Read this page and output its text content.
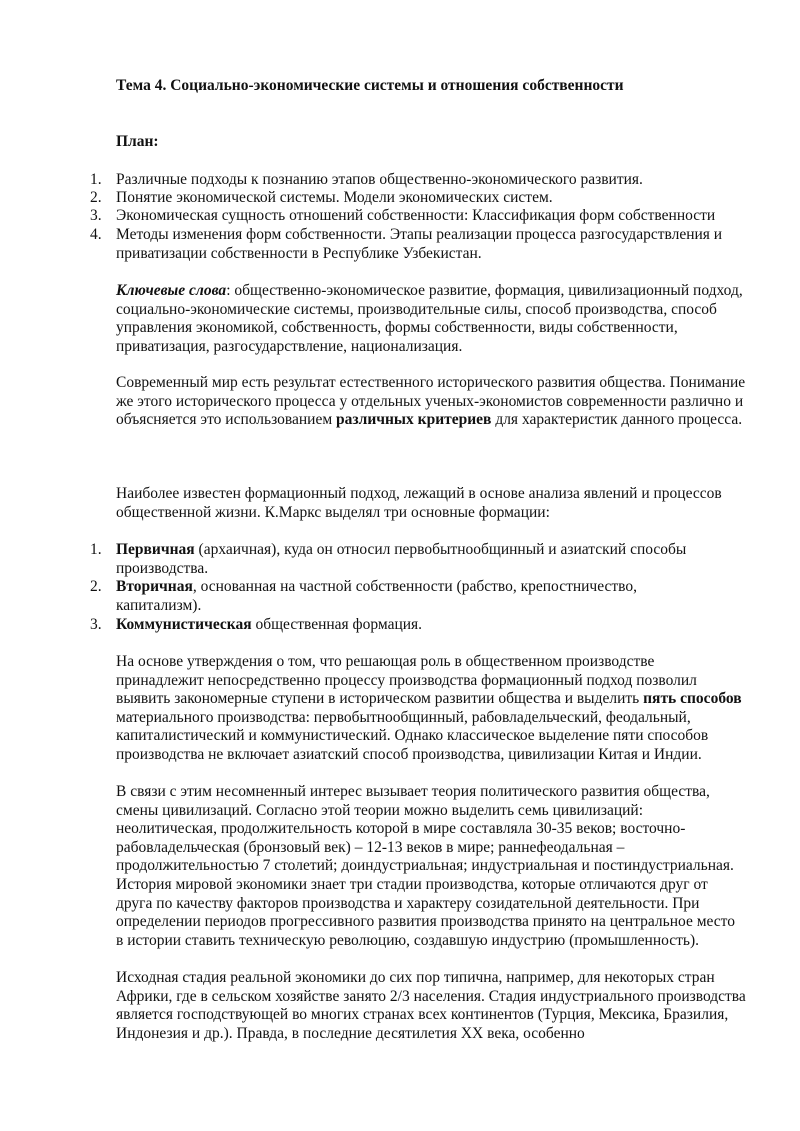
Тема 4. Социально-экономические системы и отношения собственности
План:
1. Различные подходы к познанию этапов общественно-экономического развития.
2. Понятие экономической системы. Модели экономических систем.
3. Экономическая сущность отношений собственности: Классификация форм собственности
4. Методы изменения форм собственности. Этапы реализации процесса разгосударствления и приватизации собственности в Республике Узбекистан.
Ключевые слова: общественно-экономическое развитие, формация, цивилизационный подход, социально-экономические системы, производительные силы, способ производства, способ управления экономикой, собственность, формы собственности, виды собственности, приватизация, разгосударствление, национализация.
Современный мир есть результат естественного исторического развития общества. Понимание же этого исторического процесса у отдельных ученых-экономистов современности различно и объясняется это использованием различных критериев для характеристик данного процесса.
Наиболее известен формационный подход, лежащий в основе анализа явлений и процессов общественной жизни. К.Маркс выделял три основные формации:
1. Первичная (архаичная), куда он относил первобытнообщинный и азиатский способы производства.
2. Вторичная, основанная на частной собственности (рабство, крепостничество, капитализм).
3. Коммунистическая общественная формация.
На основе утверждения о том, что решающая роль в общественном производстве принадлежит непосредственно процессу производства формационный подход позволил выявить закономерные ступени в историческом развитии общества и выделить пять способов материального производства: первобытнообщинный, рабовладельческий, феодальный, капиталистический и коммунистический. Однако классическое выделение пяти способов производства не включает азиатский способ производства, цивилизации Китая и Индии.
В связи с этим несомненный интерес вызывает теория политического развития общества, смены цивилизаций. Согласно этой теории можно выделить семь цивилизаций: неолитическая, продолжительность которой в мире составляла 30-35 веков; восточно-рабовладельческая (бронзовый век) – 12-13 веков в мире; раннефеодальная – продолжительностью 7 столетий; доиндустриальная; индустриальная и постиндустриальная. История мировой экономики знает три стадии производства, которые отличаются друг от друга по качеству факторов производства и характеру созидательной деятельности. При определении периодов прогрессивного развития производства принято на центральное место в истории ставить техническую революцию, создавшую индустрию (промышленность).
Исходная стадия реальной экономики до сих пор типична, например, для некоторых стран Африки, где в сельском хозяйстве занято 2/3 населения. Стадия индустриального производства является господствующей во многих странах всех континентов (Турция, Мексика, Бразилия, Индонезия и др.). Правда, в последние десятилетия XX века, особенно
